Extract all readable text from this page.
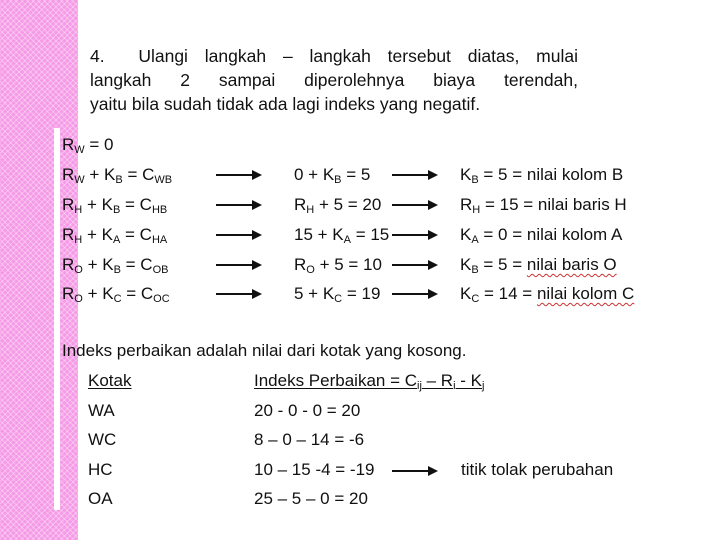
4. Ulangi langkah – langkah tersebut diatas, mulai
langkah 2 sampai diperolehnya biaya terendah,
yaitu bila sudah tidak ada lagi indeks yang negatif.
$R_W = 0$
$R_W + K_B = C_{WB}$	$0 + K_B = 5$	$K_B = 5$ = nilai kolom B
$R_H + K_B = C_{HB}$	$R_H + 5 = 20$	$R_H = 15$ = nilai baris H
$R_H + K_A = C_{HA}$	$15 + K_A = 15$	$K_A = 0$ = nilai kolom A
$R_O + K_B = C_{OB}$	$R_O + 5 = 10$	$K_B = 5$ = nilai baris O
$R_O + K_C = C_{OC}$	$5 + K_C = 19$	$K_C = 14$ = nilai kolom C
Indeks perbaikan adalah nilai dari kotak yang kosong.
Kotak	Indeks Perbaikan = $C_{ij} - R_i - K_j$
WA	20 - 0 - 0 = 20
WC	8 – 0 – 14 = -6
HC	10 – 15 -4 = -19	titik tolak perubahan
OA	25 – 5 – 0 = 20
